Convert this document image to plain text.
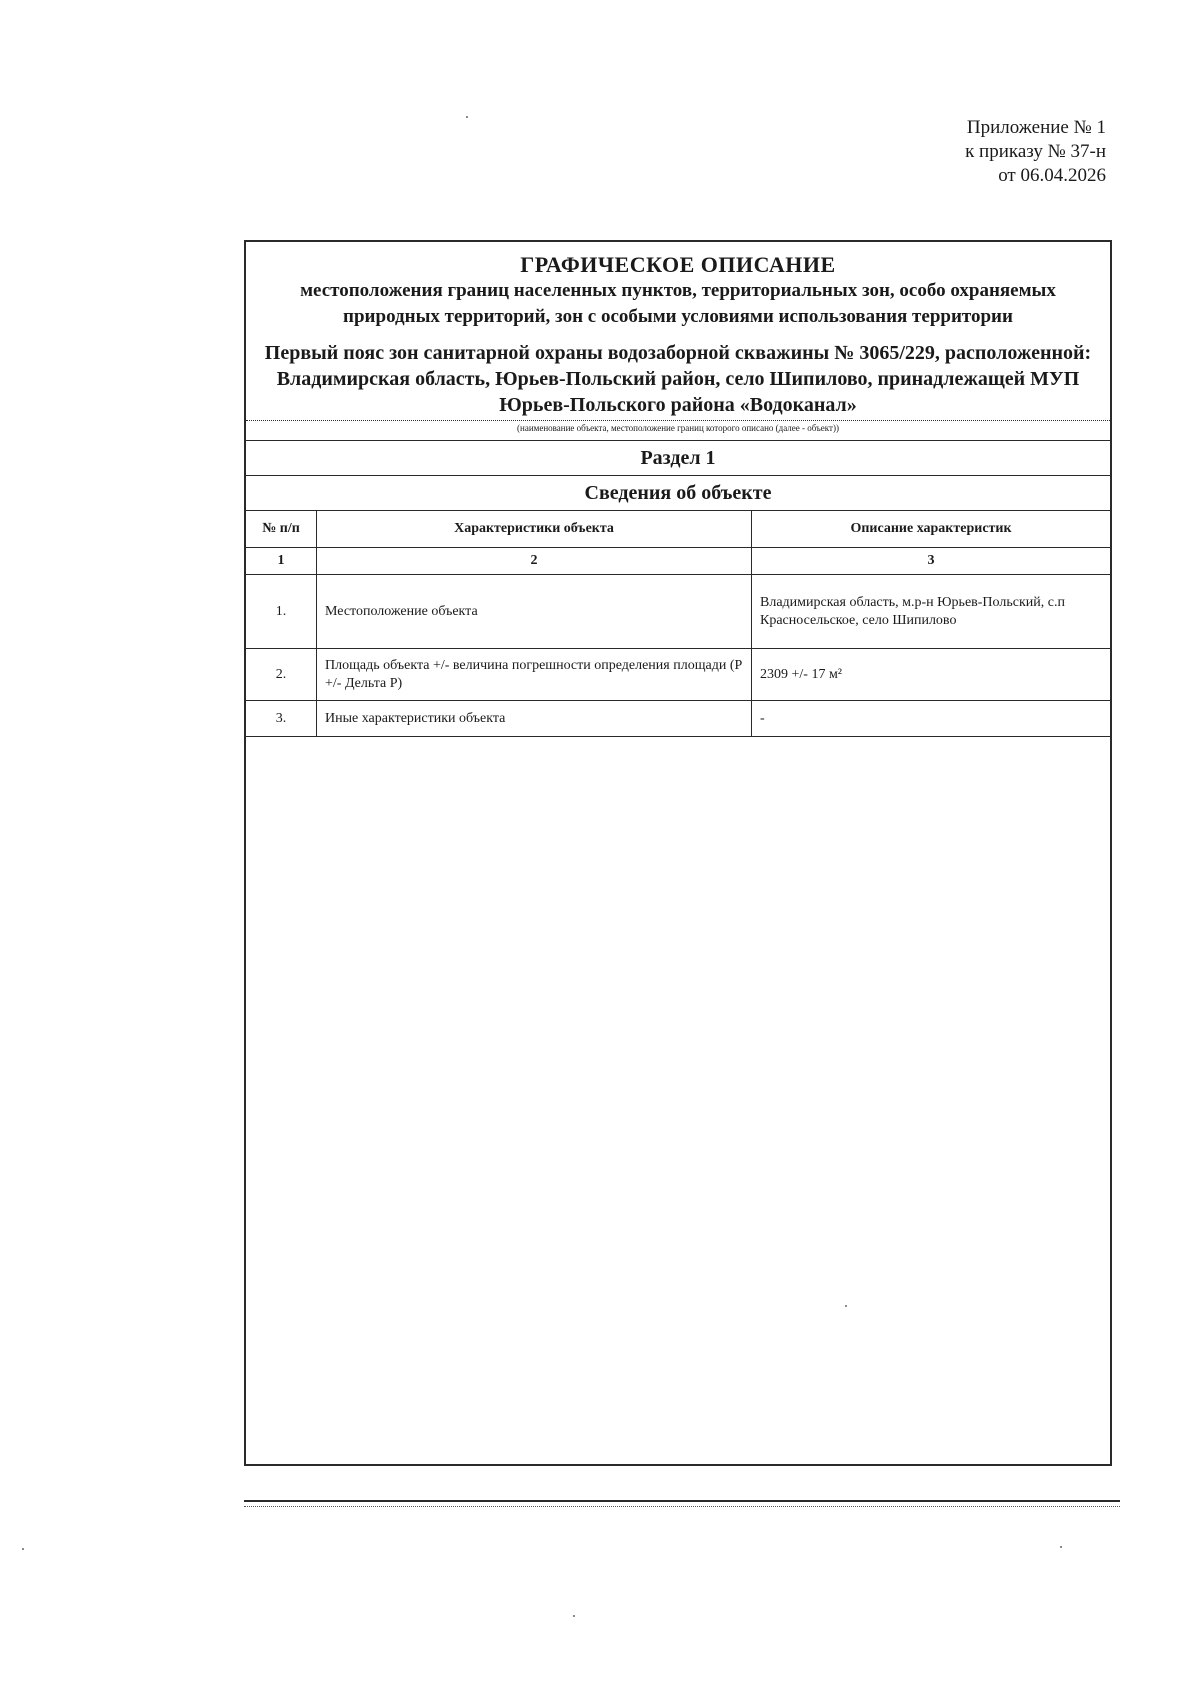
Приложение № 1
к приказу № 37-н
от 06.04.2026
ГРАФИЧЕСКОЕ ОПИСАНИЕ
местоположения границ населенных пунктов, территориальных зон, особо охраняемых природных территорий, зон с особыми условиями использования территории
Первый пояс зон санитарной охраны водозаборной скважины № 3065/229, расположенной: Владимирская область, Юрьев-Польский район, село Шипилово, принадлежащей МУП Юрьев-Польского района «Водоканал»
(наименование объекта, местоположение границ которого описано (далее - объект))
Раздел 1
Сведения об объекте
№ п/п	Характеристики объекта	Описание характеристик
1	2	3
1.	Местоположение объекта	Владимирская область, м.р-н Юрьев-Польский, с.п Красносельское, село Шипилово
2.	Площадь объекта +/- величина погрешности определения площади (Р +/- Дельта Р)	2309 +/- 17 м²
3.	Иные характеристики объекта	-
